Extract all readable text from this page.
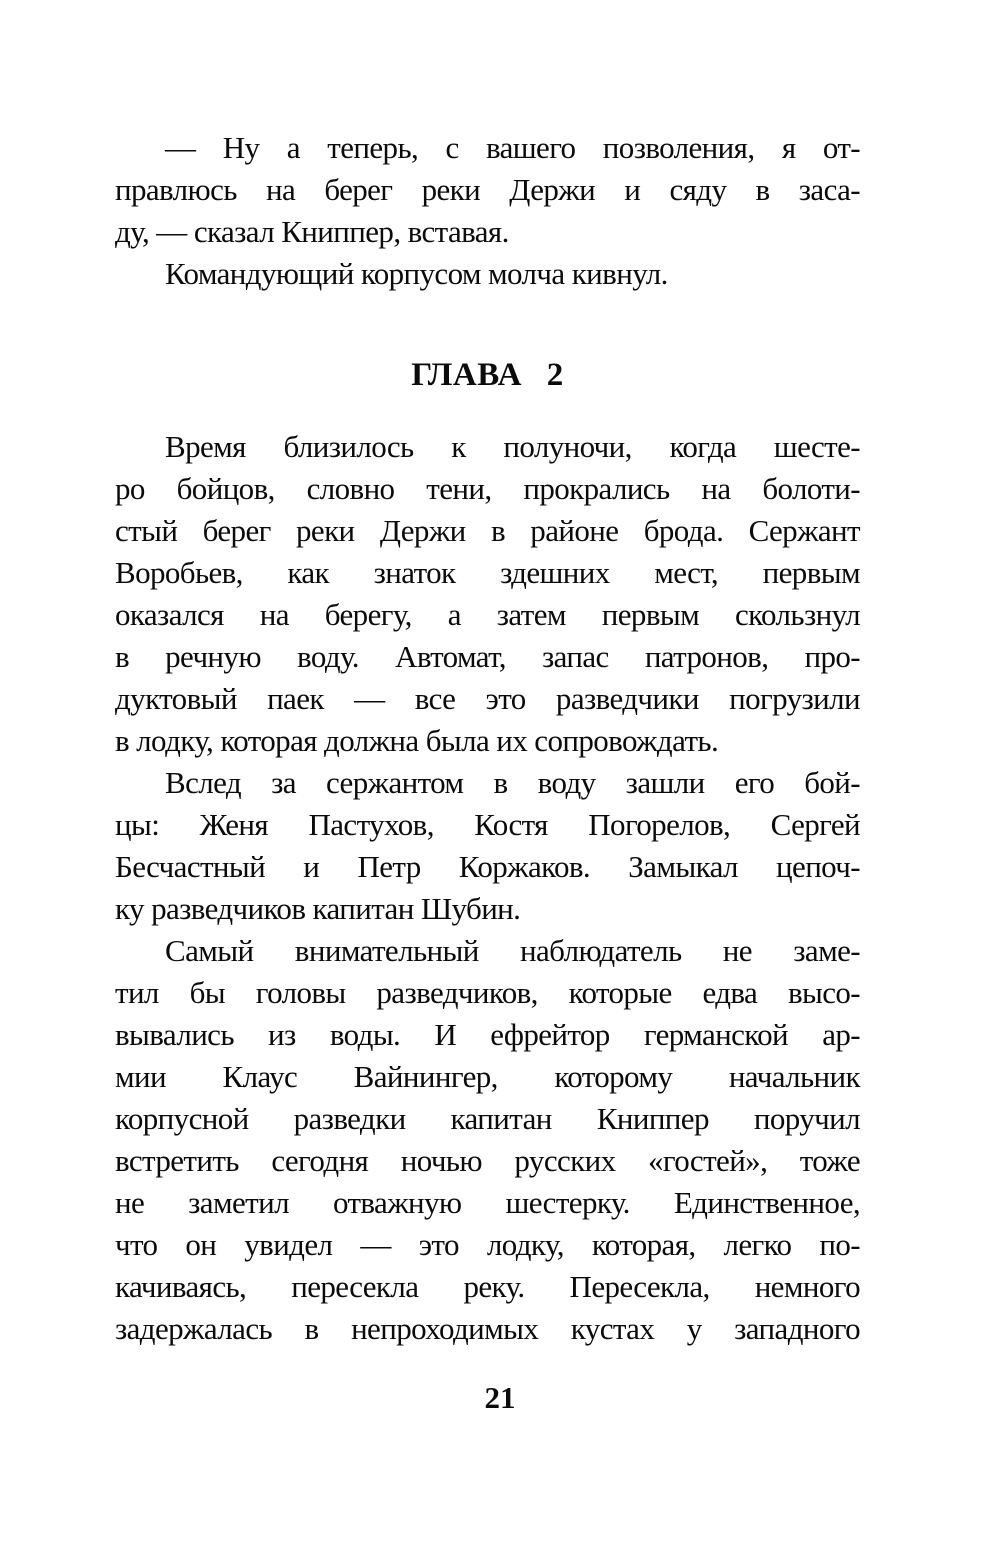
— Ну а теперь, с вашего позволения, я от-
правлюсь на берег реки Держи и сяду в заса-
ду, — сказал Книппер, вставая.
Командующий корпусом молча кивнул.
ГЛАВА 2
Время близилось к полуночи, когда шесте-
ро бойцов, словно тени, прокрались на болоти-
стый берег реки Держи в районе брода. Сержант
Воробьев, как знаток здешних мест, первым
оказался на берегу, а затем первым скользнул
в речную воду. Автомат, запас патронов, про-
дуктовый паек — все это разведчики погрузили
в лодку, которая должна была их сопровождать.
Вслед за сержантом в воду зашли его бой-
цы: Женя Пастухов, Костя Погорелов, Сергей
Бесчастный и Петр Коржаков. Замыкал цепоч-
ку разведчиков капитан Шубин.
Самый внимательный наблюдатель не заме-
тил бы головы разведчиков, которые едва высо-
вывались из воды. И ефрейтор германской ар-
мии Клаус Вайнингер, которому начальник
корпусной разведки капитан Книппер поручил
встретить сегодня ночью русских «гостей», тоже
не заметил отважную шестерку. Единственное,
что он увидел — это лодку, которая, легко по-
качиваясь, пересекла реку. Пересекла, немного
задержалась в непроходимых кустах у западного
21
